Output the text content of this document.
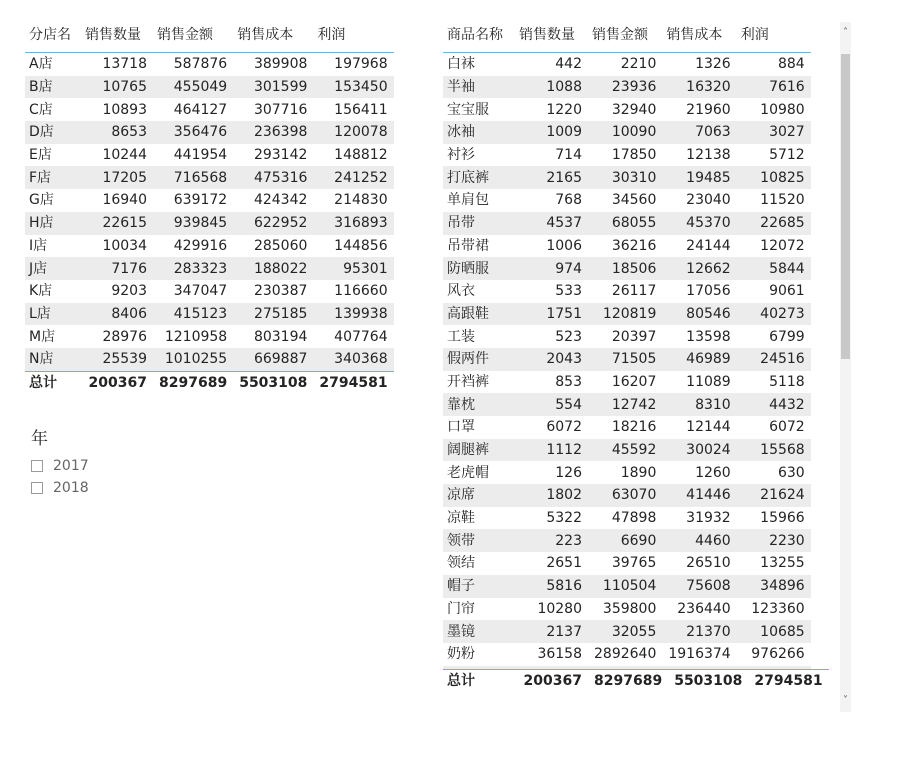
分店名	销售数量	销售金额	销售成本	利润
A店	13718	587876	389908	197968
B店	10765	455049	301599	153450
C店	10893	464127	307716	156411
D店	8653	356476	236398	120078
E店	10244	441954	293142	148812
F店	17205	716568	475316	241252
G店	16940	639172	424342	214830
H店	22615	939845	622952	316893
I店	10034	429916	285060	144856
J店	7176	283323	188022	95301
K店	9203	347047	230387	116660
L店	8406	415123	275185	139938
M店	28976	1210958	803194	407764
N店	25539	1010255	669887	340368
总计	200367	8297689	5503108	2794581
年
2017
2018
商品名称	销售数量	销售金额	销售成本	利润
白袜	442	2210	1326	884
半袖	1088	23936	16320	7616
宝宝服	1220	32940	21960	10980
冰袖	1009	10090	7063	3027
衬衫	714	17850	12138	5712
打底裤	2165	30310	19485	10825
单肩包	768	34560	23040	11520
吊带	4537	68055	45370	22685
吊带裙	1006	36216	24144	12072
防晒服	974	18506	12662	5844
风衣	533	26117	17056	9061
高跟鞋	1751	120819	80546	40273
工装	523	20397	13598	6799
假两件	2043	71505	46989	24516
开裆裤	853	16207	11089	5118
靠枕	554	12742	8310	4432
口罩	6072	18216	12144	6072
阔腿裤	1112	45592	30024	15568
老虎帽	126	1890	1260	630
凉席	1802	63070	41446	21624
凉鞋	5322	47898	31932	15966
领带	223	6690	4460	2230
领结	2651	39765	26510	13255
帽子	5816	110504	75608	34896
门帘	10280	359800	236440	123360
墨镜	2137	32055	21370	10685
奶粉	36158	2892640	1916374	976266

总计	200367	8297689	5503108	2794581
˄
˅
